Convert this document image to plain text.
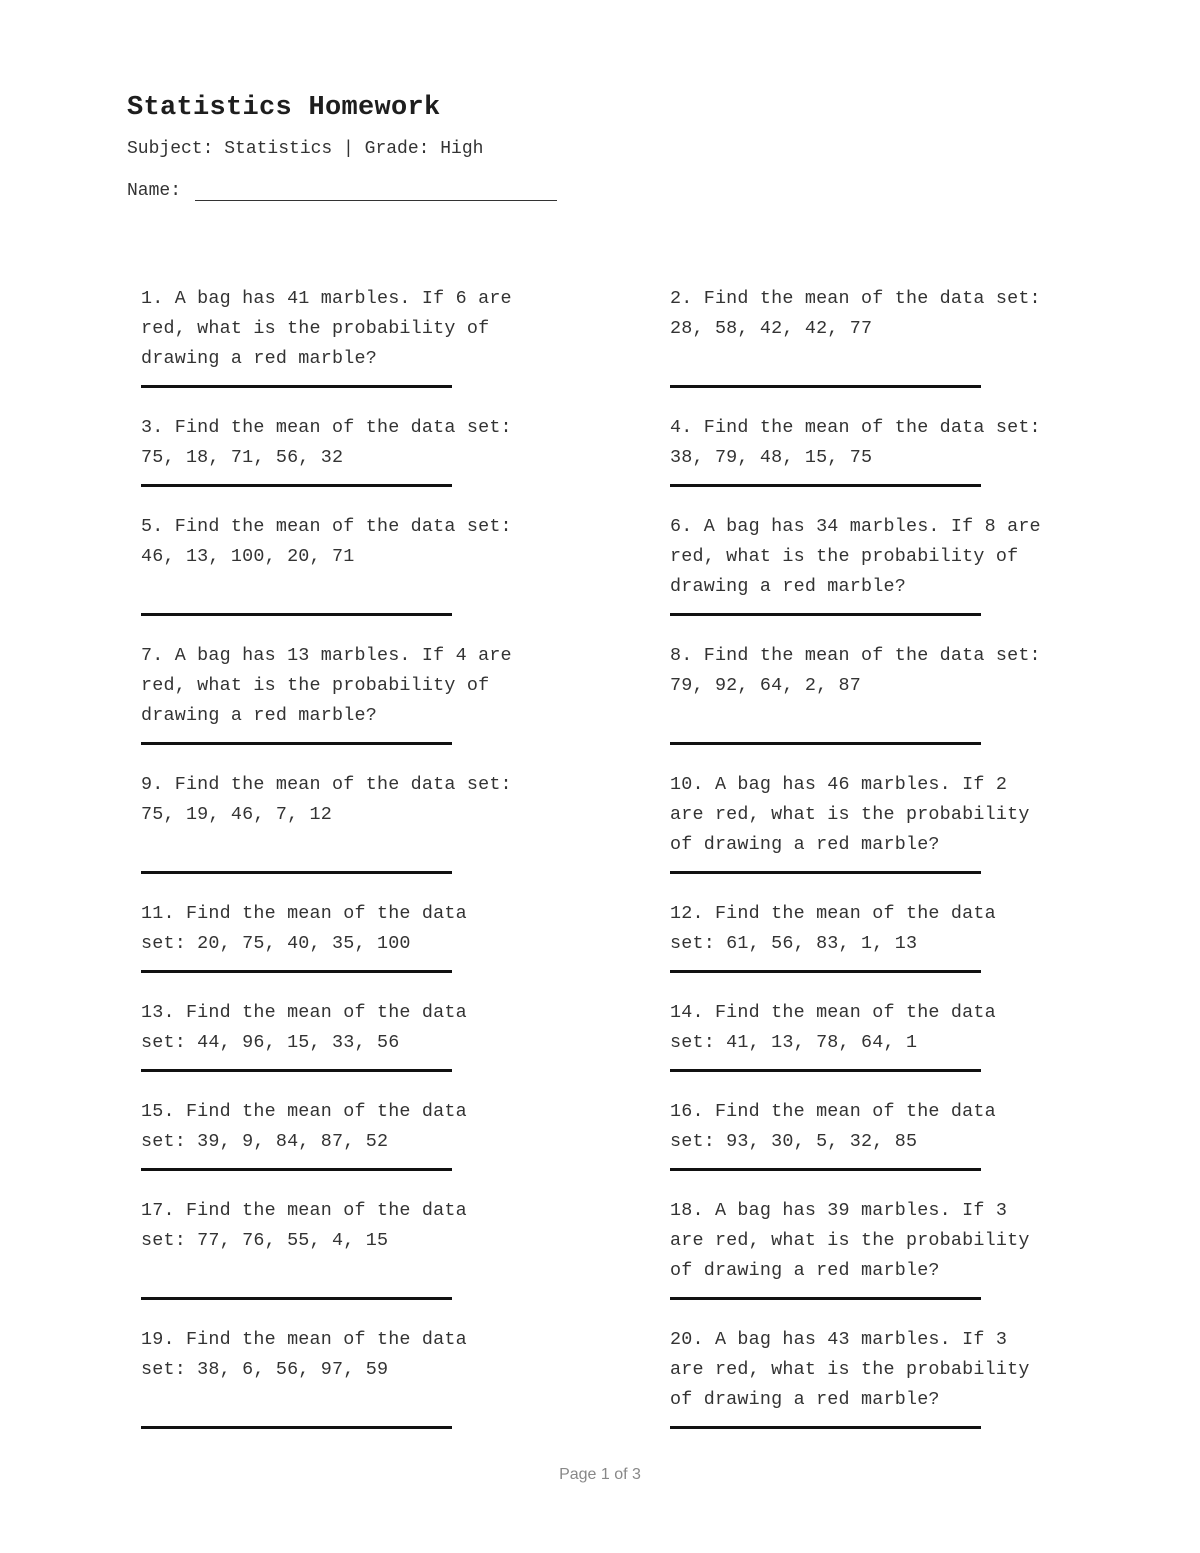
Statistics Homework
Subject: Statistics | Grade: High
Name:
1. A bag has 41 marbles. If 6 are
red, what is the probability of
drawing a red marble?
2. Find the mean of the data set:
28, 58, 42, 42, 77
3. Find the mean of the data set:
75, 18, 71, 56, 32
4. Find the mean of the data set:
38, 79, 48, 15, 75
5. Find the mean of the data set:
46, 13, 100, 20, 71
6. A bag has 34 marbles. If 8 are
red, what is the probability of
drawing a red marble?
7. A bag has 13 marbles. If 4 are
red, what is the probability of
drawing a red marble?
8. Find the mean of the data set:
79, 92, 64, 2, 87
9. Find the mean of the data set:
75, 19, 46, 7, 12
10. A bag has 46 marbles. If 2
are red, what is the probability
of drawing a red marble?
11. Find the mean of the data
set: 20, 75, 40, 35, 100
12. Find the mean of the data
set: 61, 56, 83, 1, 13
13. Find the mean of the data
set: 44, 96, 15, 33, 56
14. Find the mean of the data
set: 41, 13, 78, 64, 1
15. Find the mean of the data
set: 39, 9, 84, 87, 52
16. Find the mean of the data
set: 93, 30, 5, 32, 85
17. Find the mean of the data
set: 77, 76, 55, 4, 15
18. A bag has 39 marbles. If 3
are red, what is the probability
of drawing a red marble?
19. Find the mean of the data
set: 38, 6, 56, 97, 59
20. A bag has 43 marbles. If 3
are red, what is the probability
of drawing a red marble?
Page 1 of 3
